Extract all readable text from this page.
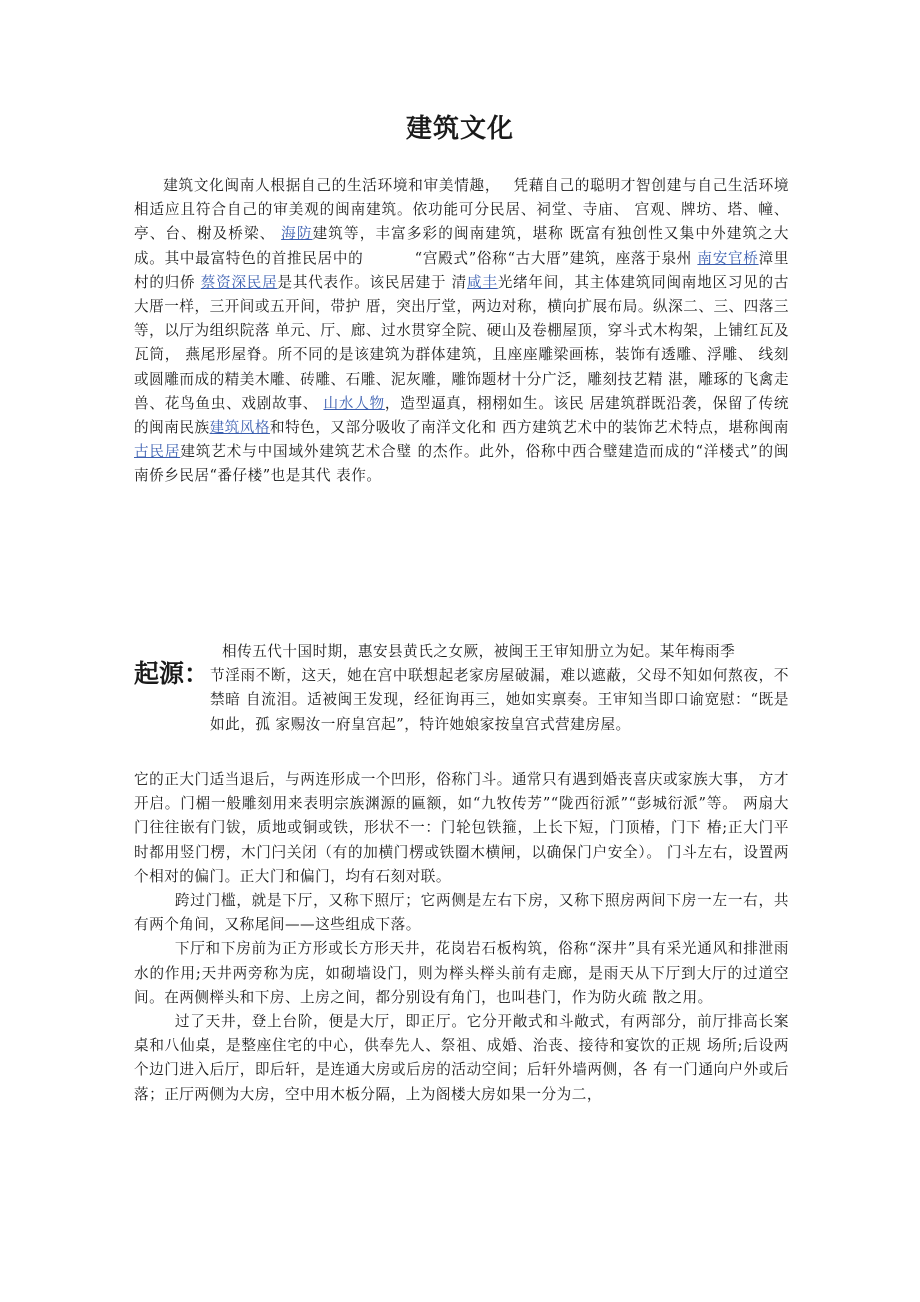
建筑文化

建筑文化闽南人根据自己的生活环境和审美情趣，　 凭藉自己的聪明才智创建与自己生活环境相适应且符合自己的审美观的闽南建筑。依功能可分民居、祠堂、寺庙、 宫观、牌坊、塔、幢、亭、台、榭及桥梁、 海防建筑等，丰富多彩的闽南建筑，堪称 既富有独创性又集中外建筑之大成。其中最富特色的首推民居中的　　　 “宫殿式”俗称“古大厝”建筑，座落于泉州 南安官桥漳里村的归侨 蔡资深民居是其代表作。该民居建于 清咸丰光绪年间，其主体建筑同闽南地区习见的古大厝一样，三开间或五开间，带护 厝，突出厅堂，两边对称，横向扩展布局。纵深二、三、四落三等，以厅为组织院落 单元、厅、廊、过水贯穿全院、硬山及卷棚屋顶，穿斗式木构架，上铺红瓦及瓦筒， 燕尾形屋脊。所不同的是该建筑为群体建筑，且座座雕梁画栋，装饰有透雕、浮雕、 线刻或圆雕而成的精美木雕、砖雕、石雕、泥灰雕，雕饰题材十分广泛，雕刻技艺精 湛，雕琢的飞禽走兽、花鸟鱼虫、戏剧故事、 山水人物，造型逼真，栩栩如生。该民 居建筑群既沿袭，保留了传统的闽南民族建筑风格和特色，又部分吸收了南洋文化和 西方建筑艺术中的装饰艺术特点，堪称闽南古民居建筑艺术与中国域外建筑艺术合璧 的杰作。此外，俗称中西合璧建造而成的“洋楼式”的闽南侨乡民居“番仔楼”也是其代 表作。

起源：

相传五代十国时期，惠安县黄氏之女厥，被闽王王审知册立为妃。某年梅雨季

节淫雨不断，这天，她在宫中联想起老家房屋破漏，难以遮蔽，父母不知如何熬夜，不禁暗 自流泪。适被闽王发现，经征询再三，她如实禀奏。王审知当即口谕宽慰：“既是如此，孤 家赐汝一府皇宫起”，特许她娘家按皇宫式营建房屋。

它的正大门适当退后，与两连形成一个凹形，俗称门斗。通常只有遇到婚丧喜庆或家族大事， 方才开启。门楣一般雕刻用来表明宗族渊源的匾额，如“九牧传芳”“陇西衍派”“彭城衍派”等。 两扇大门往往嵌有门钹，质地或铜或铁，形状不一：门轮包铁箍，上长下短，门顶椿，门下 椿;正大门平时都用竖门楞，木门闩关闭（有的加横门楞或铁圈木横闸，以确保门户安全）。 门斗左右，设置两个相对的偏门。正大门和偏门，均有石刻对联。

跨过门槛，就是下厅，又称下照厅；它两侧是左右下房，又称下照房两间下房一左一右，共有两个角间，又称尾间——这些组成下落。

下厅和下房前为正方形或长方形天井，花岗岩石板构筑，俗称“深井”具有采光通风和排泄雨水的作用;天井两旁称为庑，如砌墙设门，则为榉头榉头前有走廊，是雨天从下厅到大厅的过道空间。在两侧榉头和下房、上房之间，都分别设有角门，也叫巷门，作为防火疏 散之用。

过了天井，登上台阶，便是大厅，即正厅。它分开敞式和斗敞式，有两部分，前厅排高长案桌和八仙桌，是整座住宅的中心，供奉先人、祭祖、成婚、治丧、接待和宴饮的正规 场所;后设两个边门进入后厅，即后轩，是连通大房或后房的活动空间；后轩外墙两侧，各 有一门通向户外或后落；正厅两侧为大房，空中用木板分隔，上为阁楼大房如果一分为二，
